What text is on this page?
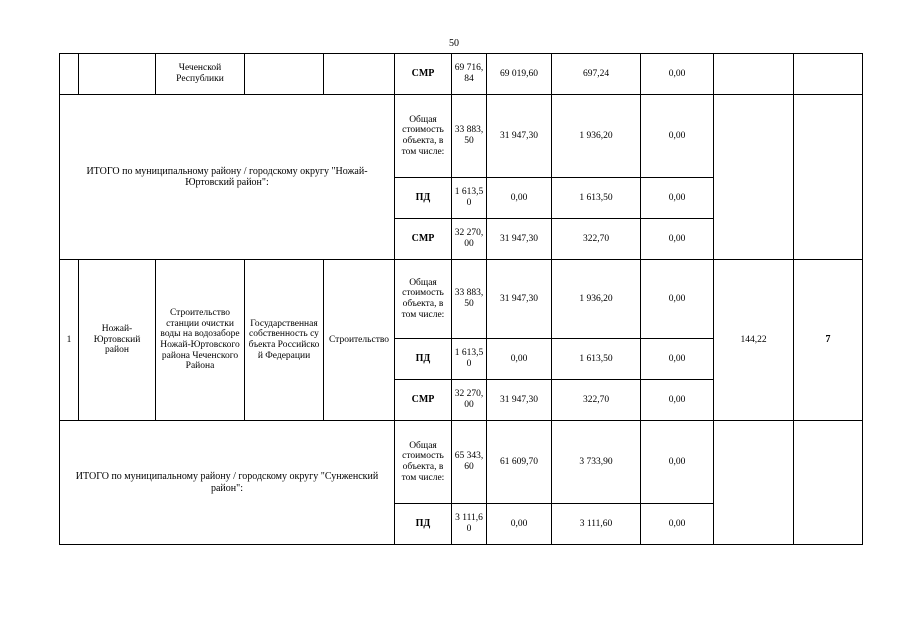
50
		Чеченской Республики			СМР	69 716,84	69 019,60	697,24	0,00		
ИТОГО по муниципальному району / городскому округу "Ножай-Юртовский район":					Общая стоимость объекта, в том числе:	33 883,50	31 947,30	1 936,20	0,00		
					ПД	1 613,50	0,00	1 613,50	0,00		
					СМР	32 270,00	31 947,30	322,70	0,00		
1	Ножай-Юртовский район	Строительство станции очистки воды на водозаборе Ножай-Юртовского района Чеченского Района	Государственная собственность субъекта Российской Федерации	Строительство	Общая стоимость объекта, в том числе:	33 883,50	31 947,30	1 936,20	0,00	144,22	7
					ПД	1 613,50	0,00	1 613,50	0,00		
					СМР	32 270,00	31 947,30	322,70	0,00		
ИТОГО по муниципальному району / городскому округу "Сунженский район":					Общая стоимость объекта, в том числе:	65 343,60	61 609,70	3 733,90	0,00		
					ПД	3 111,60	0,00	3 111,60	0,00		
